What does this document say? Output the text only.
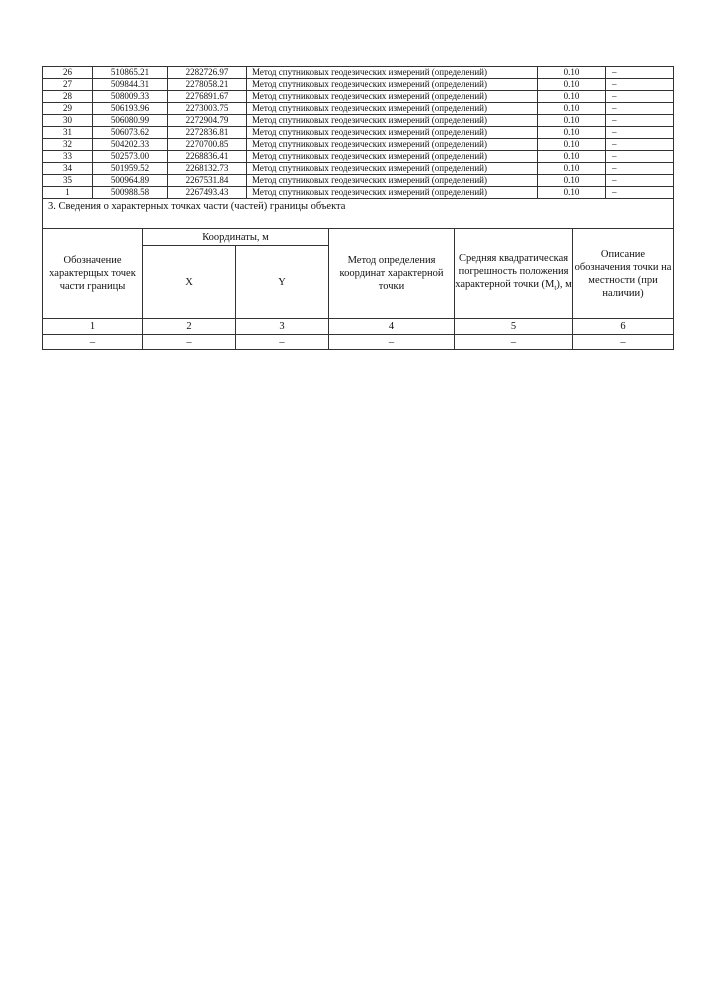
26	510865.21	2282726.97	Метод спутниковых геодезических измерений (определений)	0.10	–
27	509844.31	2278058.21	Метод спутниковых геодезических измерений (определений)	0.10	–
28	508009.33	2276891.67	Метод спутниковых геодезических измерений (определений)	0.10	–
29	506193.96	2273003.75	Метод спутниковых геодезических измерений (определений)	0.10	–
30	506080.99	2272904.79	Метод спутниковых геодезических измерений (определений)	0.10	–
31	506073.62	2272836.81	Метод спутниковых геодезических измерений (определений)	0.10	–
32	504202.33	2270700.85	Метод спутниковых геодезических измерений (определений)	0.10	–
33	502573.00	2268836.41	Метод спутниковых геодезических измерений (определений)	0.10	–
34	501959.52	2268132.73	Метод спутниковых геодезических измерений (определений)	0.10	–
35	500964.89	2267531.84	Метод спутниковых геодезических измерений (определений)	0.10	–
1	500988.58	2267493.43	Метод спутниковых геодезических измерений (определений)	0.10	–
3. Сведения о характерных точках части (частей) границы объекта					

Обозначение характерщых точек части границы	Координаты, м		Метод определения координат характерной точки	Средняя квадратическая погрешность положения характерной точки $(M_t)$, м	Описание обозначения точки на местности (при наличии)
	X	Y			
1	2	3	4	5	6
–	–	–	–	–	–
